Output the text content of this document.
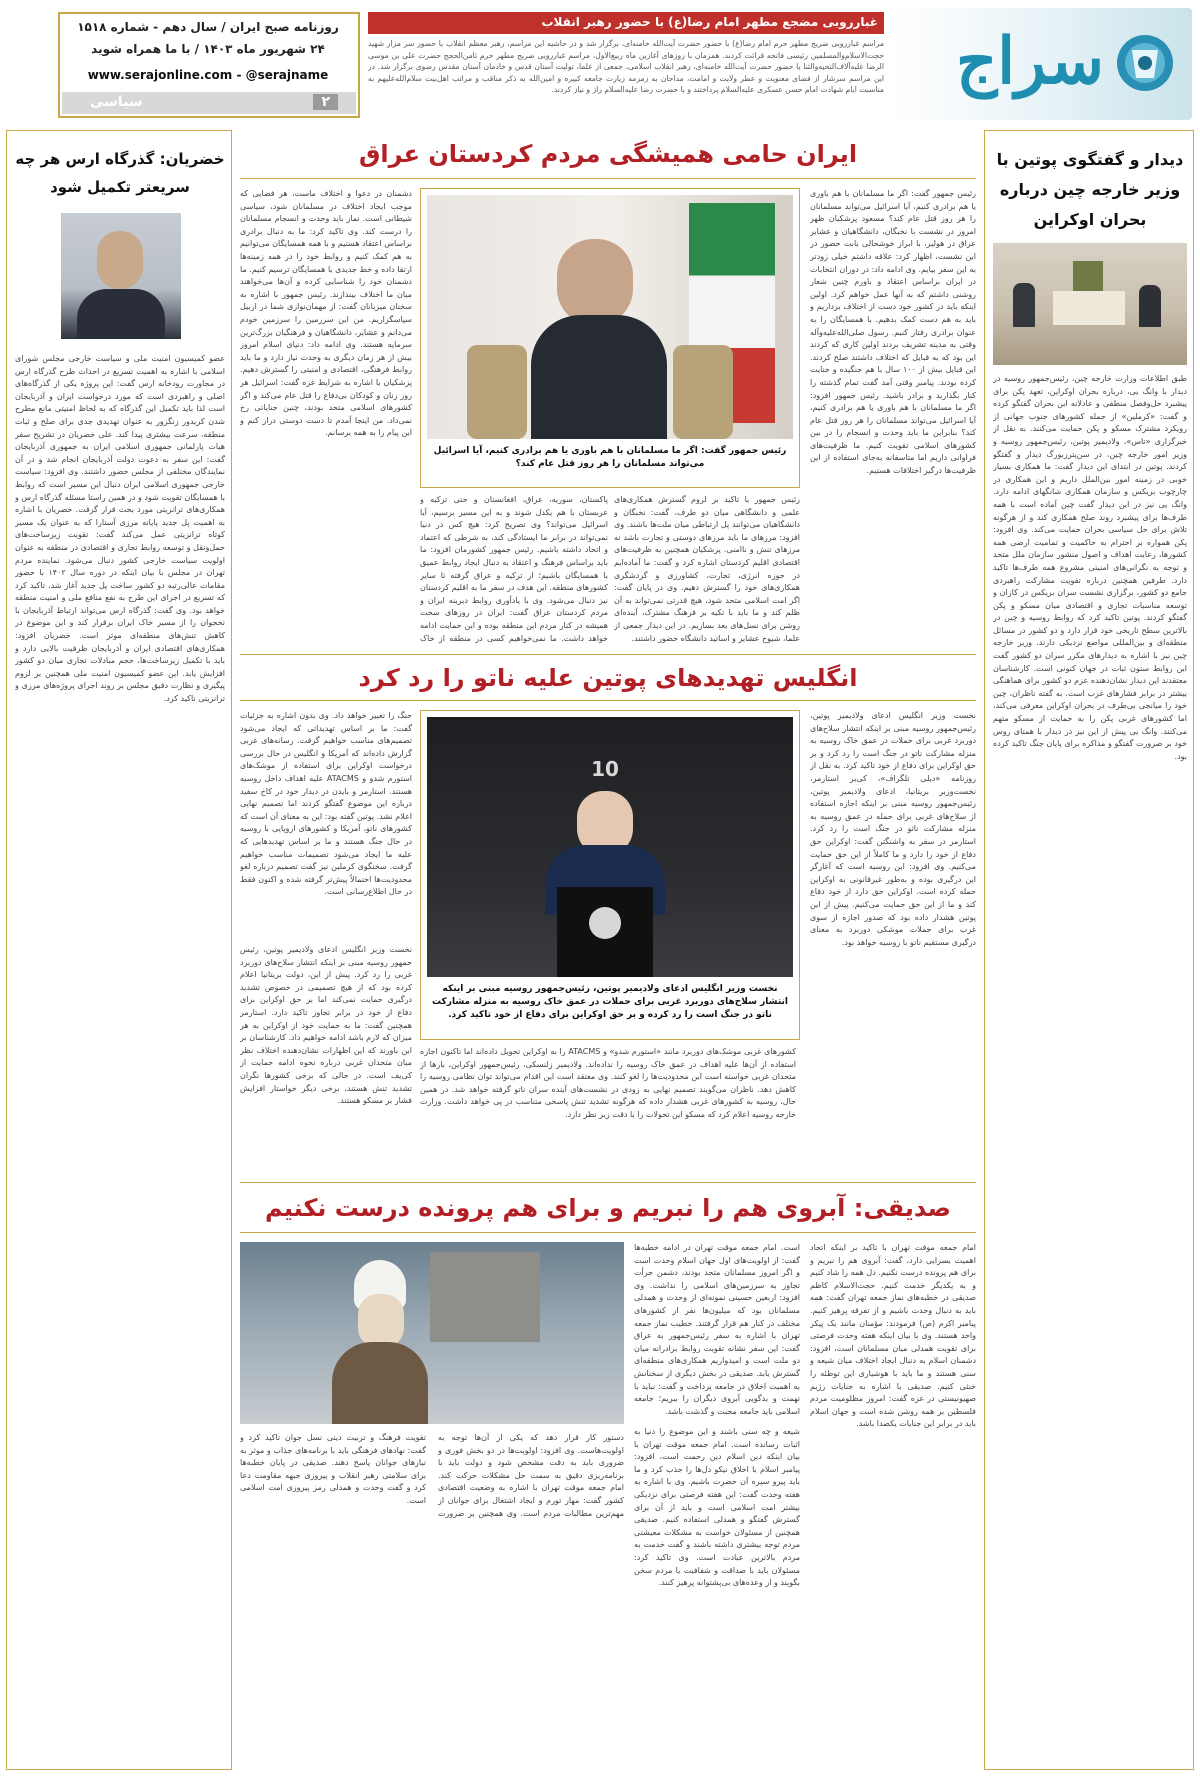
روزنامه صبح ایران / سال دهم - شماره ۱۵۱۸
۲۴ شهریور ماه ۱۴۰۳ / با ما همراه شوید
www.serajonline.com - @serajname
۲
سیاسی
غبارروبی مضجع مطهر امام رضا(ع) با حضور رهبر انقلاب
مراسم غبارروبی ضریح مطهر حرم امام رضا(ع) با حضور حضرت آیت‌الله خامنه‌ای، برگزار شد و در حاشیه این مراسم، رهبر معظم انقلاب با حضور سر مزار شهید حجت‌الاسلام‌والمسلمین رئیسی فاتحه قرائت کردند. همزمان با روزهای آغازین ماه ربیع‌الاول، مراسم غبارروبی ضریح مطهر حرم ثامن‌الحجج حضرت علی بن موسی الرضا علیه‌آلاف‌التحیه‌والثنا با حضور حضرت آیت‌الله خامنه‌ای، رهبر انقلاب اسلامی، جمعی از علما، تولیت آستان قدس و خادمان آستان مقدس رضوی برگزار شد. در این مراسم سرشار از فضای معنویت و عطر ولایت و امامت، مداحان به زمزمه زیارت جامعه کبیره و امین‌الله به ذکر مناقب و مراتب اهل‌بیت سلام‌الله‌علیهم به مناسبت ایام شهادت امام حسن عسکری علیه‌السلام پرداختند و با حضرت رضا علیه‌السلام راز و نیاز کردند. سراج
دیدار و گفتگوی پوتین با وزیر خارجه چین درباره بحران اوکراین
طبق اطلاعات وزارت خارجه چین، رئیس‌جمهور روسیه در دیدار با وانگ یی، درباره بحران اوکراین، تعهد پکن برای پیشبرد حل‌وفصل منطقی و عادلانه این بحران گفتگو کرده و گفت: «کرملین» از جمله کشورهای جنوب جهانی از رویکرد مشترک مسکو و پکن حمایت می‌کنند. به نقل از خبرگزاری «تاس»، ولادیمیر پوتین، رئیس‌جمهور روسیه و وزیر امور خارجه چین، در سن‌پترزبورگ دیدار و گفتگو کردند. پوتین در ابتدای این دیدار گفت: ما همکاری بسیار خوبی در زمینه امور بین‌الملل داریم و این همکاری در چارچوب بریکس و سازمان همکاری شانگهای ادامه دارد. وانگ یی نیز در این دیدار گفت چین آماده است با همه طرف‌ها برای پیشبرد روند صلح همکاری کند و از هرگونه تلاش برای حل سیاسی بحران حمایت می‌کند. وی افزود: پکن همواره بر احترام به حاکمیت و تمامیت ارضی همه کشورها، رعایت اهداف و اصول منشور سازمان ملل متحد و توجه به نگرانی‌های امنیتی مشروع همه طرف‌ها تاکید دارد. طرفین همچنین درباره تقویت مشارکت راهبردی جامع دو کشور، برگزاری نشست سران بریکس در کازان و توسعه مناسبات تجاری و اقتصادی میان مسکو و پکن گفتگو کردند. پوتین تاکید کرد که روابط روسیه و چین در بالاترین سطح تاریخی خود قرار دارد و دو کشور در مسائل منطقه‌ای و بین‌المللی مواضع نزدیکی دارند. وزیر خارجه چین نیز با اشاره به دیدارهای مکرر سران دو کشور گفت این روابط ستون ثبات در جهان کنونی است. کارشناسان معتقدند این دیدار نشان‌دهنده عزم دو کشور برای هماهنگی بیشتر در برابر فشارهای غرب است. به گفته ناظران، چین خود را میانجی بی‌طرف در بحران اوکراین معرفی می‌کند، اما کشورهای غربی پکن را به حمایت از مسکو متهم می‌کنند. وانگ یی پیش از این نیز در دیدار با همتای روس خود بر ضرورت گفتگو و مذاکره برای پایان جنگ تاکید کرده بود.
خضریان: گذرگاه ارس هر چه سریعتر تکمیل شود
عضو کمیسیون امنیت ملی و سیاست خارجی مجلس شورای اسلامی با اشاره به اهمیت تسریع در احداث طرح گذرگاه ارس در مجاورت رودخانه ارس گفت: این پروژه یکی از گذرگاه‌های اصلی و راهبردی است که مورد درخواست ایران و آذربایجان است لذا باید تکمیل این گذرگاه که به لحاظ امنیتی مانع مطرح شدن کریدور زنگزور به عنوان تهدیدی جدی برای صلح و ثبات منطقه، سرعت بیشتری پیدا کند. علی خضریان در تشریح سفر هیات پارلمانی جمهوری اسلامی ایران به جمهوری آذربایجان گفت: این سفر به دعوت دولت آذربایجان انجام شد و در آن نمایندگان مختلفی از مجلس حضور داشتند. وی افزود: سیاست خارجی جمهوری اسلامی ایران دنبال این مسیر است که روابط با همسایگان تقویت شود و در همین راستا مسئله گذرگاه ارس و همکاری‌های ترانزیتی مورد بحث قرار گرفت. خضریان با اشاره به اهمیت پل جدید پایانه مرزی آستارا که به عنوان یک مسیر کوتاه ترانزیتی عمل می‌کند گفت: تقویت زیرساخت‌های حمل‌ونقل و توسعه روابط تجاری و اقتصادی در منطقه به عنوان اولویت سیاست خارجی کشور دنبال می‌شود. نماینده مردم تهران در مجلس با بیان اینکه در دوره سال ۱۴۰۲ با حضور مقامات عالی‌رتبه دو کشور ساخت پل جدید آغاز شد، تاکید کرد که تسریع در اجرای این طرح به نفع منافع ملی و امنیت منطقه خواهد بود. وی گفت: گذرگاه ارس می‌تواند ارتباط آذربایجان با نخجوان را از مسیر خاک ایران برقرار کند و این موضوع در کاهش تنش‌های منطقه‌ای موثر است. خضریان افزود: همکاری‌های اقتصادی ایران و آذربایجان ظرفیت بالایی دارد و باید با تکمیل زیرساخت‌ها، حجم مبادلات تجاری میان دو کشور افزایش یابد. این عضو کمیسیون امنیت ملی همچنین بر لزوم پیگیری و نظارت دقیق مجلس بر روند اجرای پروژه‌های مرزی و ترانزیتی تاکید کرد.
ایران حامی همیشگی مردم کردستان عراق
رئیس جمهور گفت: اگر ما مسلمانان با هم باوری یا هم برادری کنیم، آیا اسرائیل می‌تواند مسلمانان را هر روز قتل عام کند؟ مسعود پزشکیان ظهر امروز در نشست با نخبگان، دانشگاهیان و عشایر عراق در هولیر، با ابراز خوشحالی بابت حضور در این نشست، اظهار کرد: علاقه داشتم خیلی زودتر به این سفر بیایم. وی ادامه داد: در دوران انتخابات در ایران براساس اعتقاد و باورم چنین شعار روشنی داشتم که به آنها عمل خواهم کرد. اولین اینکه باید در کشور خود دست از اختلاف برداریم و باید به هم دست کمک بدهیم. با همسایگان را به عنوان برادری رفتار کنیم. رسول صلی‌الله‌علیه‌وآله وقتی به مدینه تشریف بردند اولین کاری که کردند این بود که به قبایل که اختلاف داشتند صلح کردند. این قبایل بیش از ۱۰۰ سال با هم جنگیده و جنایت کرده بودند. پیامبر وقتی آمد گفت تمام گذشته را کنار بگذارید و برادر باشید. رئیس جمهور افزود: اگر ما مسلمانان با هم باوری یا هم برادری کنیم، آیا اسرائیل می‌تواند مسلمانان را هر روز قتل عام کند؟ بنابراین ما باید وحدت و انسجام را در بین کشورهای اسلامی تقویت کنیم. ما ظرفیت‌های فراوانی داریم اما متاسفانه به‌جای استفاده از این ظرفیت‌ها درگیر اختلافات هستیم.
رئیس جمهور گفت: اگر ما مسلمانان با هم باوری یا هم برادری کنیم، آیا اسرائیل می‌تواند مسلمانان را هر روز قتل عام کند؟
پاکستان، سوریه، عراق، افغانستان و حتی ترکیه و عربستان با هم یکدل شوند و به این مسیر برسیم، آیا اسرائیل می‌تواند؟ وی تصریح کرد: هیچ کس در دنیا نمی‌تواند در برابر ما ایستادگی کند، به شرطی که اعتماد و اتحاد داشته باشیم. رئیس جمهور کشورمان افزود: ما باید براساس فرهنگ و اعتقاد به دنبال ایجاد روابط عمیق با همسایگان باشیم؛ از ترکیه و عراق گرفته تا سایر کشورهای منطقه. این هدف در سفر ما به اقلیم کردستان نیز دنبال می‌شود. وی با یادآوری روابط دیرینه ایران و مردم کردستان عراق گفت: ایران در روزهای سخت همیشه در کنار مردم این منطقه بوده و این حمایت ادامه خواهد داشت. ما نمی‌خواهیم کسی در منطقه از خاک
رئیس جمهور با تاکید بر لزوم گسترش همکاری‌های علمی و دانشگاهی میان دو طرف، گفت: نخبگان و دانشگاهیان می‌توانند پل ارتباطی میان ملت‌ها باشند. وی افزود: مرزهای ما باید مرزهای دوستی و تجارت باشد نه مرزهای تنش و ناامنی. پزشکیان همچنین به ظرفیت‌های اقتصادی اقلیم کردستان اشاره کرد و گفت: ما آماده‌ایم در حوزه انرژی، تجارت، کشاورزی و گردشگری همکاری‌های خود را گسترش دهیم. وی در پایان گفت: اگر امت اسلامی متحد شود، هیچ قدرتی نمی‌تواند به آن ظلم کند و ما باید با تکیه بر فرهنگ مشترک، آینده‌ای روشن برای نسل‌های بعد بسازیم. در این دیدار جمعی از علما، شیوخ عشایر و اساتید دانشگاه حضور داشتند.
دشمنان در دعوا و اختلاف ماست، هر فضایی که موجب ایجاد اختلاف در مسلمانان شود، سیاسی شیطانی است. نماز باید وحدت و انسجام مسلمانان را درست کند. وی تاکید کرد: ما به دنبال برادری براساس اعتقاد هستیم و با همه همسایگان می‌توانیم به هم کمک کنیم و روابط خود را در همه زمینه‌ها ارتقا داده و خط جدیدی با همسایگان ترسیم کنیم. ما دشمنان خود را شناسایی کرده و آن‌ها می‌خواهند میان ما اختلاف بیندازند. رئیس جمهور با اشاره به سخنان میزبانان گفت: از مهمان‌نوازی شما در اربیل سپاسگزاریم. من این سرزمین را سرزمین خودم می‌دانم و عشایر، دانشگاهیان و فرهنگیان بزرگ‌ترین سرمایه هستند. وی ادامه داد: دنیای اسلام امروز بیش از هر زمان دیگری به وحدت نیاز دارد و ما باید روابط فرهنگی، اقتصادی و امنیتی را گسترش دهیم. پزشکیان با اشاره به شرایط غزه گفت: اسرائیل هر روز زنان و کودکان بی‌دفاع را قتل عام می‌کند و اگر کشورهای اسلامی متحد بودند، چنین جنایاتی رخ نمی‌داد. من اینجا آمدم تا دست دوستی دراز کنم و این پیام را به همه برسانم.
انگلیس تهدیدهای پوتین علیه ناتو را رد کرد
نخست وزیر انگلیس ادعای ولادیمیر پوتین، رئیس‌جمهور روسیه مبنی بر اینکه انتشار سلاح‌های دوربرد غربی برای حملات در عمق خاک روسیه به منزله مشارکت ناتو در جنگ است را رد کرد و بر حق اوکراین برای دفاع از خود تاکید کرد. به نقل از روزنامه «دیلی تلگراف»، کی‌یر استارمر، نخست‌وزیر بریتانیا، ادعای ولادیمیر پوتین، رئیس‌جمهور روسیه مبنی بر اینکه اجازه استفاده از سلاح‌های غربی برای حمله در عمق روسیه به منزله مشارکت ناتو در جنگ است را رد کرد. استارمر در سفر به واشنگتن گفت: اوکراین حق دفاع از خود را دارد و ما کاملاً از این حق حمایت می‌کنیم. وی افزود: این روسیه است که آغازگر این درگیری بوده و به‌طور غیرقانونی به اوکراین حمله کرده است. اوکراین حق دارد از خود دفاع کند و ما از این حق حمایت می‌کنیم. پیش از این پوتین هشدار داده بود که صدور اجازه از سوی غرب برای حملات موشکی دوربرد به معنای درگیری مستقیم ناتو با روسیه خواهد بود.
10
نخست وزیر انگلیس ادعای ولادیمیر پوتین، رئیس‌جمهور روسیه مبنی بر اینکه انتشار سلاح‌های دوربرد غربی برای حملات در عمق خاک روسیه به منزله مشارکت ناتو در جنگ است را رد کرده و بر حق اوکراین برای دفاع از خود تاکید کرد.
کشورهای غربی موشک‌های دوربرد مانند «استورم شدو» و ATACMS را به اوکراین تحویل داده‌اند اما تاکنون اجازه استفاده از آن‌ها علیه اهداف در عمق خاک روسیه را نداده‌اند. ولادیمیر زلنسکی، رئیس‌جمهور اوکراین، بارها از متحدان غربی خواسته است این محدودیت‌ها را لغو کنند. وی معتقد است این اقدام می‌تواند توان نظامی روسیه را کاهش دهد. ناظران می‌گویند تصمیم نهایی به زودی در نشست‌های آینده سران ناتو گرفته خواهد شد. در همین حال، روسیه به کشورهای غربی هشدار داده که هرگونه تشدید تنش پاسخی متناسب در پی خواهد داشت. وزارت خارجه روسیه اعلام کرد که مسکو این تحولات را با دقت زیر نظر دارد.
جنگ را تغییر خواهد داد. وی بدون اشاره به جزئیات گفت: ما بر اساس تهدیداتی که ایجاد می‌شود تصمیم‌های مناسب خواهیم گرفت. رسانه‌های غربی گزارش داده‌اند که آمریکا و انگلیس در حال بررسی درخواست اوکراین برای استفاده از موشک‌های استورم شدو و ATACMS علیه اهداف داخل روسیه هستند. استارمر و بایدن در دیدار خود در کاخ سفید درباره این موضوع گفتگو کردند اما تصمیم نهایی اعلام نشد. پوتین گفته بود: این به معنای آن است که کشورهای ناتو، آمریکا و کشورهای اروپایی با روسیه در حال جنگ هستند و ما بر اساس تهدیدهایی که علیه ما ایجاد می‌شود تصمیمات مناسب خواهیم گرفت. سخنگوی کرملین نیز گفت تصمیم درباره لغو محدودیت‌ها احتمالاً پیش‌تر گرفته شده و اکنون فقط در حال اطلاع‌رسانی است.
نخست وزیر انگلیس ادعای ولادیمیر پوتین، رئیس جمهور روسیه مبنی بر اینکه انتشار سلاح‌های دوربرد غربی را رد کرد. پیش از این، دولت بریتانیا اعلام کرده بود که از هیچ تصمیمی در خصوص تشدید درگیری حمایت نمی‌کند اما بر حق اوکراین برای دفاع از خود در برابر تجاوز تاکید دارد. استارمر همچنین گفت: ما به حمایت خود از اوکراین به هر میزان که لازم باشد ادامه خواهیم داد. کارشناسان بر این باورند که این اظهارات نشان‌دهنده اختلاف نظر میان متحدان غربی درباره نحوه ادامه حمایت از کی‌یف است. در حالی که برخی کشورها نگران تشدید تنش هستند، برخی دیگر خواستار افزایش فشار بر مسکو هستند.
صدیقی: آبروی هم را نبریم و برای هم پرونده درست نکنیم
امام جمعه موقت تهران با تاکید بر اینکه اتحاد اهمیت بسزایی دارد، گفت: آبروی هم را نبریم و برای هم پرونده درست نکنیم. دل همه را شاد کنیم و به یکدیگر خدمت کنیم. حجت‌الاسلام کاظم صدیقی در خطبه‌های نماز جمعه تهران گفت: همه باید به دنبال وحدت باشیم و از تفرقه پرهیز کنیم. پیامبر اکرم (ص) فرمودند: مؤمنان مانند یک پیکر واحد هستند. وی با بیان اینکه هفته وحدت فرصتی برای تقویت همدلی میان مسلمانان است، افزود: دشمنان اسلام به دنبال ایجاد اختلاف میان شیعه و سنی هستند و ما باید با هوشیاری این توطئه را خنثی کنیم. صدیقی با اشاره به جنایات رژیم صهیونیستی در غزه گفت: امروز مظلومیت مردم فلسطین بر همه روشن شده است و جهان اسلام باید در برابر این جنایات یکصدا باشد.
است. امام جمعه موقت تهران در ادامه خطبه‌ها گفت: از اولویت‌های اول جهان اسلام وحدت است و اگر امروز مسلمانان متحد بودند، دشمن جرأت تجاوز به سرزمین‌های اسلامی را نداشت. وی افزود: اربعین حسینی نمونه‌ای از وحدت و همدلی مسلمانان بود که میلیون‌ها نفر از کشورهای مختلف در کنار هم قرار گرفتند. خطیب نماز جمعه تهران با اشاره به سفر رئیس‌جمهور به عراق گفت: این سفر نشانه تقویت روابط برادرانه میان دو ملت است و امیدواریم همکاری‌های منطقه‌ای گسترش یابد. صدیقی در بخش دیگری از سخنانش به اهمیت اخلاق در جامعه پرداخت و گفت: نباید با تهمت و بدگویی آبروی دیگران را ببریم؛ جامعه اسلامی باید جامعه محبت و گذشت باشد.
شیعه و چه سنی باشند و این موضوع را دنیا به اثبات رسانده است. امام جمعه موقت تهران با بیان اینکه دین اسلام دین رحمت است، افزود: پیامبر اسلام با اخلاق نیکو دل‌ها را جذب کرد و ما باید پیرو سیره آن حضرت باشیم. وی با اشاره به هفته وحدت گفت: این هفته فرصتی برای نزدیکی بیشتر امت اسلامی است و باید از آن برای گسترش گفتگو و همدلی استفاده کنیم. صدیقی همچنین از مسئولان خواست به مشکلات معیشتی مردم توجه بیشتری داشته باشند و گفت خدمت به مردم بالاترین عبادت است. وی تاکید کرد: مسئولان باید با صداقت و شفافیت با مردم سخن بگویند و از وعده‌های بی‌پشتوانه پرهیز کنند.
دستور کار قرار دهد که یکی از آن‌ها توجه به اولویت‌هاست. وی افزود: اولویت‌ها در دو بخش فوری و ضروری باید به دقت مشخص شود و دولت باید با برنامه‌ریزی دقیق به سمت حل مشکلات حرکت کند. امام جمعه موقت تهران با اشاره به وضعیت اقتصادی کشور گفت: مهار تورم و ایجاد اشتغال برای جوانان از مهم‌ترین مطالبات مردم است. وی همچنین بر ضرورت تقویت فرهنگ و تربیت دینی نسل جوان تاکید کرد و گفت: نهادهای فرهنگی باید با برنامه‌های جذاب و موثر به نیازهای جوانان پاسخ دهند. صدیقی در پایان خطبه‌ها برای سلامتی رهبر انقلاب و پیروزی جبهه مقاومت دعا کرد و گفت وحدت و همدلی رمز پیروزی امت اسلامی است.
